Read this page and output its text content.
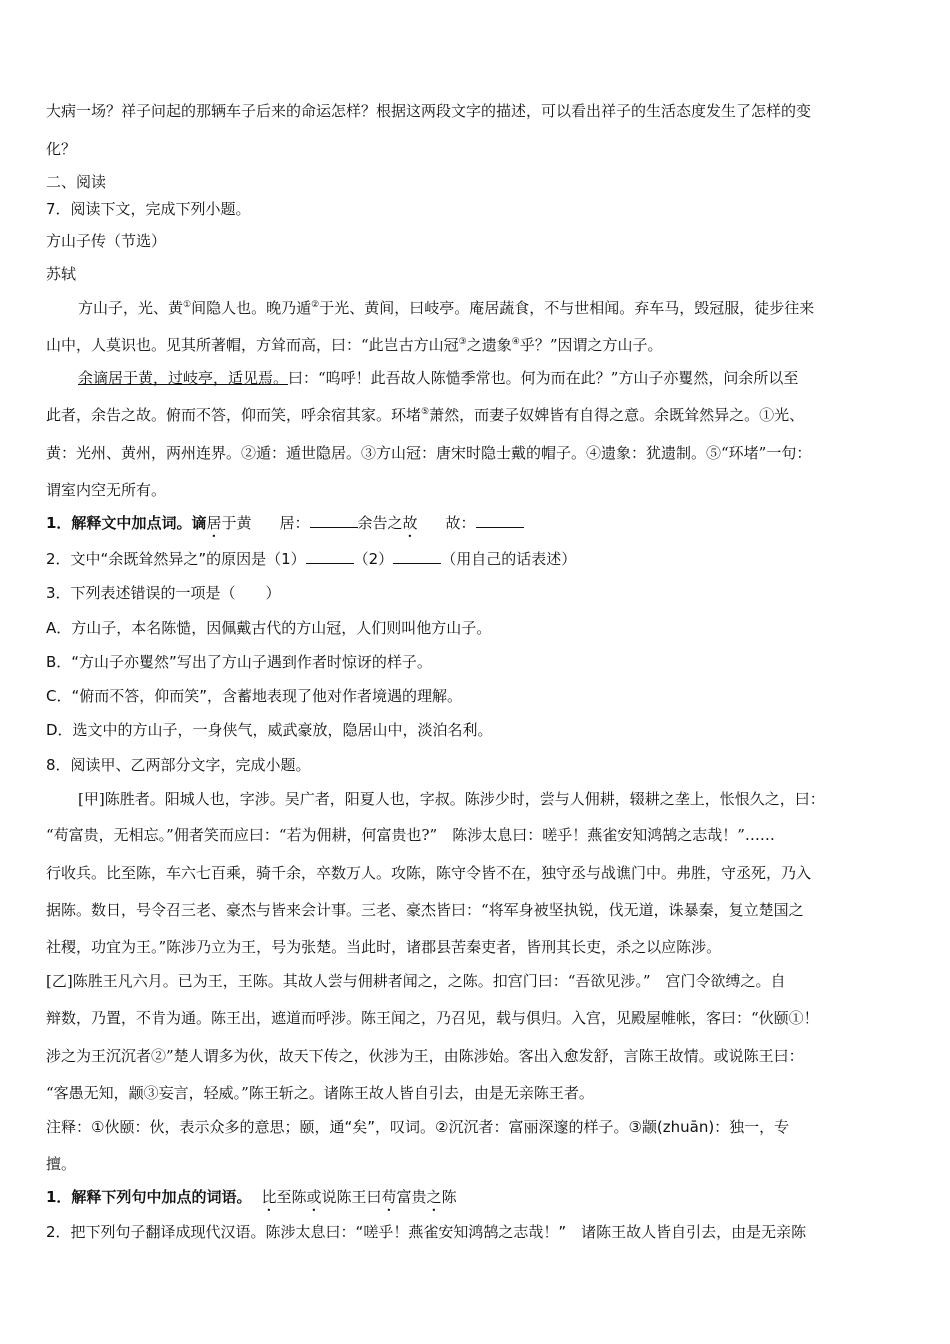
大病一场？祥子问起的那辆车子后来的命运怎样？根据这两段文字的描述，可以看出祥子的生活态度发生了怎样的变
化？
二、阅读
7．阅读下文，完成下列小题。
方山子传（节选）
苏轼
方山子，光、黄①间隐人也。晚乃遁②于光、黄间，曰岐亭。庵居蔬食，不与世相闻。弃车马，毁冠服，徒步往来
山中，人莫识也。见其所著帽，方耸而高，曰：“此岂古方山冠③之遗象④乎？”因谓之方山子。
余谪居于黄，过岐亭，适见焉。曰：“呜呼！此吾故人陈慥季常也。何为而在此？”方山子亦矍然，问余所以至
此者，余告之故。俯而不答，仰而笑，呼余宿其家。环堵⑤萧然，而妻子奴婢皆有自得之意。余既耸然异之。①光、
黄：光州、黄州，两州连界。②遁：遁世隐居。③方山冠：唐宋时隐士戴的帽子。④遗象：犹遗制。⑤“环堵”一句：
谓室内空无所有。
1．解释文中加点词。谪居于黄 居：	余告之故 故：
2．文中“余既耸然异之”的原因是（1）	（2）	（用自己的话表述）
3．下列表述错误的一项是（　　）
A．方山子，本名陈慥，因佩戴古代的方山冠，人们则叫他方山子。
B．“方山子亦矍然”写出了方山子遇到作者时惊讶的样子。
C．“俯而不答，仰而笑”，含蓄地表现了他对作者境遇的理解。
D．选文中的方山子，一身侠气，威武豪放，隐居山中，淡泊名利。
8．阅读甲、乙两部分文字，完成小题。
[甲]陈胜者。阳城人也，字涉。吴广者，阳夏人也，字叔。陈涉少时，尝与人佣耕，辍耕之垄上，怅恨久之，曰：
“苟富贵，无相忘。”佣者笑而应曰：“若为佣耕，何富贵也?”　陈涉太息曰：嗟乎！燕雀安知鸿鹄之志哉！”……
行收兵。比至陈，车六七百乘，骑千余，卒数万人。攻陈，陈守令皆不在，独守丞与战谯门中。弗胜，守丞死，乃入
据陈。数日，号令召三老、豪杰与皆来会计事。三老、豪杰皆曰：“将军身被坚执锐，伐无道，诛暴秦，复立楚国之
社稷，功宜为王。”陈涉乃立为王，号为张楚。当此时，诸郡县苦秦吏者，皆刑其长吏，杀之以应陈涉。
[乙]陈胜王凡六月。已为王，王陈。其故人尝与佣耕者闻之，之陈。扣宫门曰：“吾欲见涉。”　宫门令欲缚之。自
辩数，乃置，不肯为通。陈王出，遮道而呼涉。陈王闻之，乃召见，载与俱归。入宫，见殿屋帷帐，客曰：“伙颐①！
涉之为王沉沉者②”楚人谓多为伙，故天下传之，伙涉为王，由陈涉始。客出入愈发舒，言陈王故情。或说陈王曰：
“客愚无知，颛③妄言，轻威。”陈王斩之。诸陈王故人皆自引去，由是无亲陈王者。
注释：①伙颐：伙，表示众多的意思；颐，通“矣”，叹词。②沉沉者：富丽深邃的样子。③颛(zhuān)：独一，专
擅。
1．解释下列句中加点的词语。 比至陈或说陈王曰苟富贵之陈
2．把下列句子翻译成现代汉语。陈涉太息曰：“嗟乎！燕雀安知鸿鹄之志哉！”　诸陈王故人皆自引去，由是无亲陈
